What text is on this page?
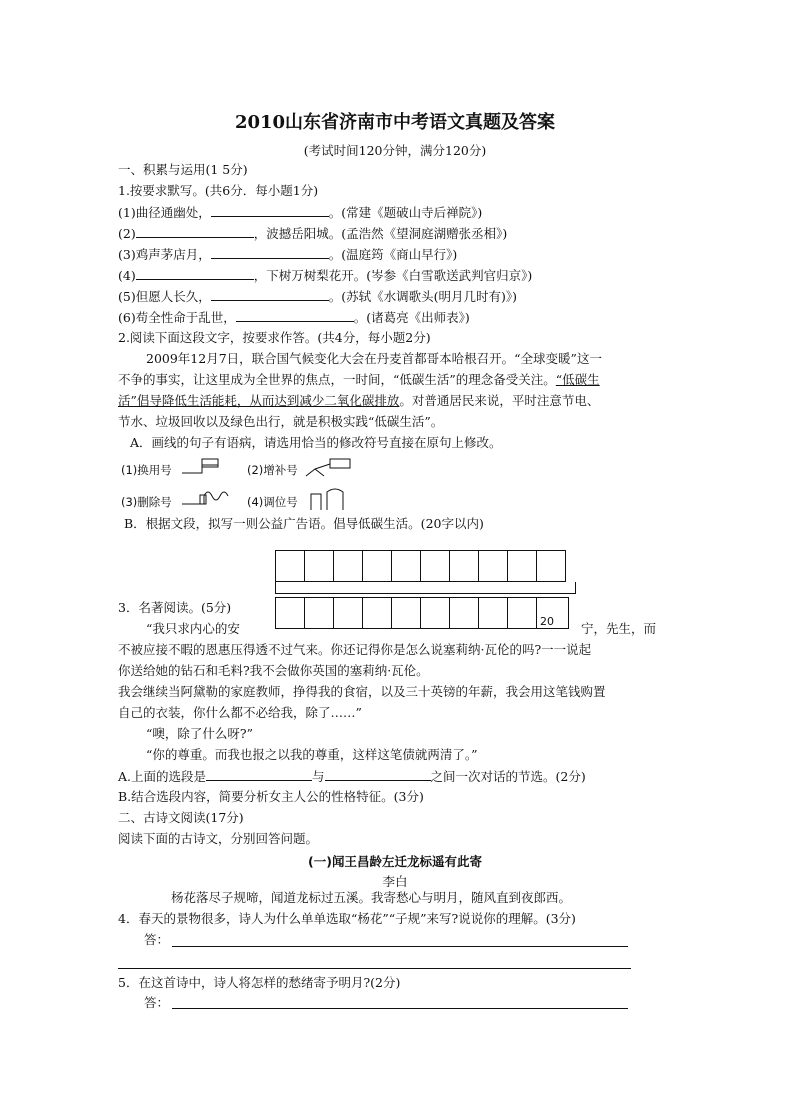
2010山东省济南市中考语文真题及答案
(考试时间120分钟，满分120分)
一、积累与运用(1 5分)
1.按要求默写。(共6分．每小题1分)
(1)曲径通幽处，	。(常建《题破山寺后禅院》)
(2)	，波撼岳阳城。(孟浩然《望洞庭湖赠张丞相》)
(3)鸡声茅店月，	。(温庭筠《商山早行》)
(4)	，下树万树梨花开。(岑参《白雪歌送武判官归京》)
(5)但愿人长久，	。(苏轼《水调歌头(明月几时有)》)
(6)苟全性命于乱世，	。(诸葛亮《出师表》)
2.阅读下面这段文字，按要求作答。(共4分，每小题2分)
2009年12月7日，联合国气候变化大会在丹麦首都哥本哈根召开。“全球变暖”这一
不争的事实，让这里成为全世界的焦点，一时间，“低碳生活”的理念备受关注。“低碳生
活”倡导降低生活能耗，从而达到减少二氧化碳排放。对普通居民来说，平时注意节电、
节水、垃圾回收以及绿色出行，就是积极实践“低碳生活”。
A．画线的句子有语病，请选用恰当的修改符号直接在原句上修改。
(1)换用号	(2)增补号
(3)删除号	(4)调位号
B．根据文段，拟写一则公益广告语。倡导低碳生活。(20字以内)

									20
3．名著阅读。(5分)
“我只求内心的安	宁，先生，而
不被应接不暇的恩惠压得透不过气来。你还记得你是怎么说塞莉纳·瓦伦的吗?一一说起
你送给她的钻石和毛料?我不会做你英国的塞莉纳·瓦伦。
我会继续当阿黛勒的家庭教师，挣得我的食宿，以及三十英镑的年薪，我会用这笔钱购置
自己的衣装，你什么都不必给我，除了……”
“噢，除了什么呀?”
“你的尊重。而我也报之以我的尊重，这样这笔债就两清了。”
A.上面的选段是	与	之间一次对话的节选。(2分)
B.结合选段内容，简要分析女主人公的性格特征。(3分)
二、古诗文阅读(17分)
阅读下面的古诗文，分别回答问题。
(一)闻王昌龄左迁龙标遥有此寄
李白
杨花落尽子规啼，闻道龙标过五溪。我寄愁心与明月，随风直到夜郎西。
4．春天的景物很多，诗人为什么单单选取“杨花”“子规”来写?说说你的理解。(3分)
答：
5．在这首诗中，诗人将怎样的愁绪寄予明月?(2分)
答：
